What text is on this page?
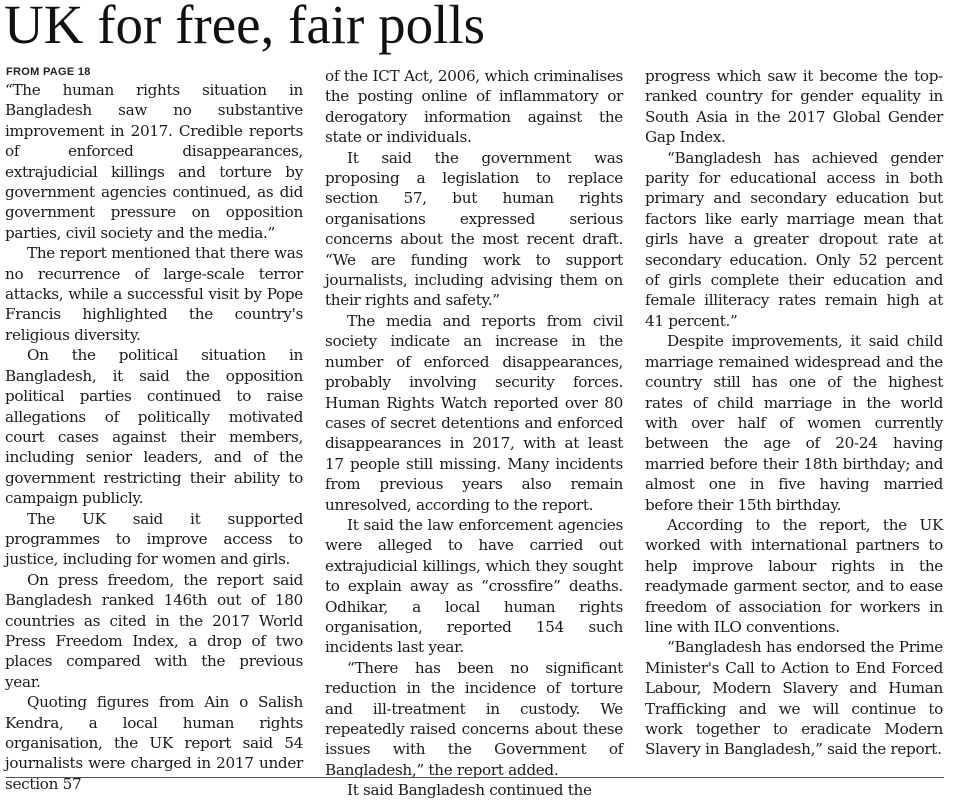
UK for free, fair polls
FROM PAGE 18

“The human rights situation in Bangladesh saw no substantive improvement in 2017. Credible reports of enforced disappearances, extrajudicial killings and torture by government agencies continued, as did government pressure on opposition parties, civil society and the media.”

The report mentioned that there was no recurrence of large-scale terror attacks, while a successful visit by Pope Francis highlighted the country's religious diversity.

On the political situation in Bangladesh, it said the opposition political parties continued to raise allegations of politically motivated court cases against their members, including senior leaders, and of the government restricting their ability to campaign publicly.

The UK said it supported programmes to improve access to justice, including for women and girls.

On press freedom, the report said Bangladesh ranked 146th out of 180 countries as cited in the 2017 World Press Freedom Index, a drop of two places compared with the previous year.

Quoting figures from Ain o Salish Kendra, a local human rights organisation, the UK report said 54 journalists were charged in 2017 under section 57

of the ICT Act, 2006, which criminalises the posting online of inflammatory or derogatory information against the state or individuals.

It said the government was proposing a legislation to replace section 57, but human rights organisations expressed serious concerns about the most recent draft. “We are funding work to support journalists, including advising them on their rights and safety.”

The media and reports from civil society indicate an increase in the number of enforced disappearances, probably involving security forces. Human Rights Watch reported over 80 cases of secret detentions and enforced disappearances in 2017, with at least 17 people still missing. Many incidents from previous years also remain unresolved, according to the report.

It said the law enforcement agencies were alleged to have carried out extrajudicial killings, which they sought to explain away as “crossfire” deaths. Odhikar, a local human rights organisation, reported 154 such incidents last year.

“There has been no significant reduction in the incidence of torture and ill-treatment in custody. We repeatedly raised concerns about these issues with the Government of Bangladesh,” the report added.

It said Bangladesh continued the

progress which saw it become the top-ranked country for gender equality in South Asia in the 2017 Global Gender Gap Index.

“Bangladesh has achieved gender parity for educational access in both primary and secondary education but factors like early marriage mean that girls have a greater dropout rate at secondary education. Only 52 percent of girls complete their education and female illiteracy rates remain high at 41 percent.”

Despite improvements, it said child marriage remained widespread and the country still has one of the highest rates of child marriage in the world with over half of women currently between the age of 20-24 having married before their 18th birthday; and almost one in five having married before their 15th birthday.

According to the report, the UK worked with international partners to help improve labour rights in the readymade garment sector, and to ease freedom of association for workers in line with ILO conventions.

“Bangladesh has endorsed the Prime Minister's Call to Action to End Forced Labour, Modern Slavery and Human Trafficking and we will continue to work together to eradicate Modern Slavery in Bangladesh,” said the report.
